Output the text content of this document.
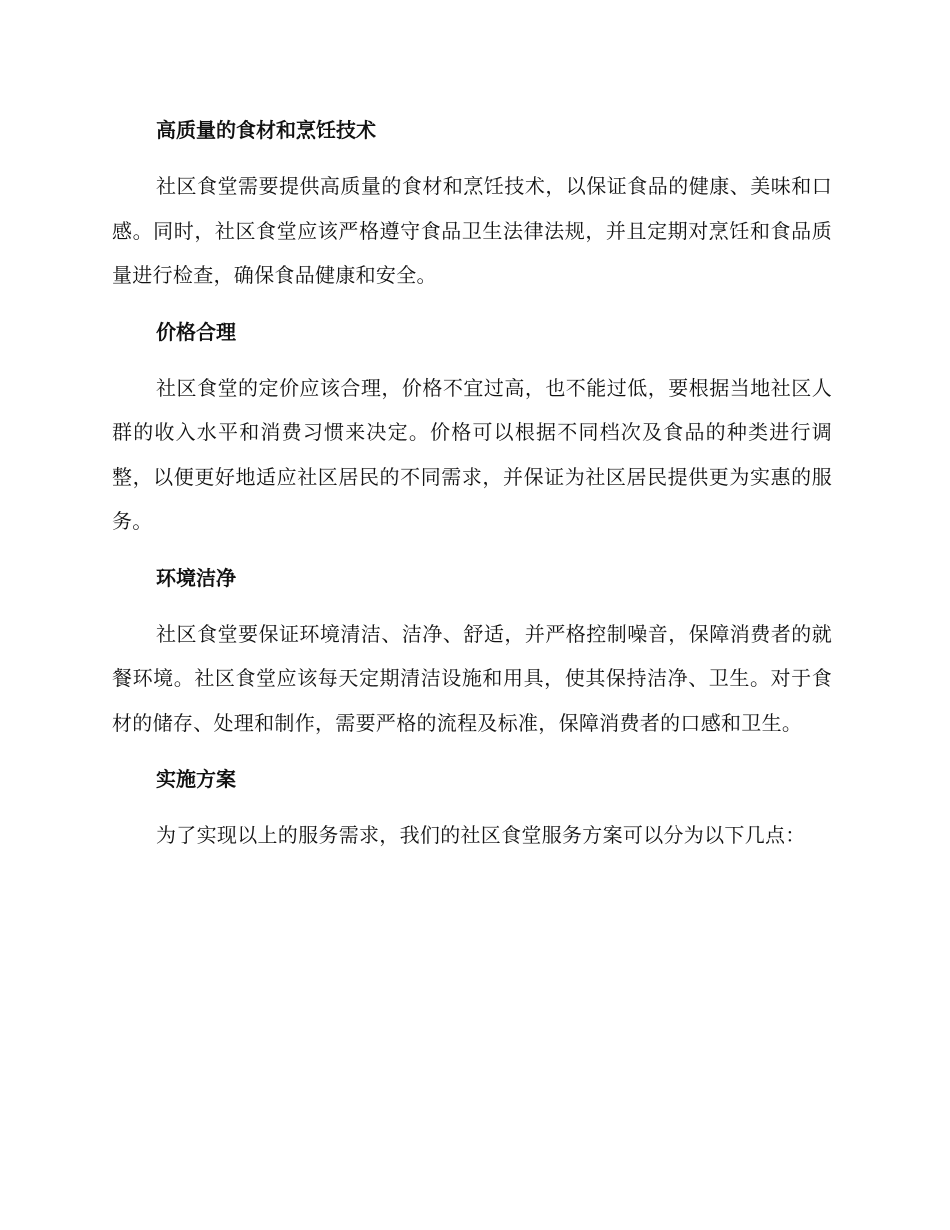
高质量的食材和烹饪技术

社区食堂需要提供高质量的食材和烹饪技术，以保证食品的健康、美味和口感。同时，社区食堂应该严格遵守食品卫生法律法规，并且定期对烹饪和食品质量进行检查，确保食品健康和安全。

价格合理

社区食堂的定价应该合理，价格不宜过高，也不能过低，要根据当地社区人群的收入水平和消费习惯来决定。价格可以根据不同档次及食品的种类进行调整，以便更好地适应社区居民的不同需求，并保证为社区居民提供更为实惠的服务。

环境洁净

社区食堂要保证环境清洁、洁净、舒适，并严格控制噪音，保障消费者的就餐环境。社区食堂应该每天定期清洁设施和用具，使其保持洁净、卫生。对于食材的储存、处理和制作，需要严格的流程及标准，保障消费者的口感和卫生。

实施方案

为了实现以上的服务需求，我们的社区食堂服务方案可以分为以下几点：
